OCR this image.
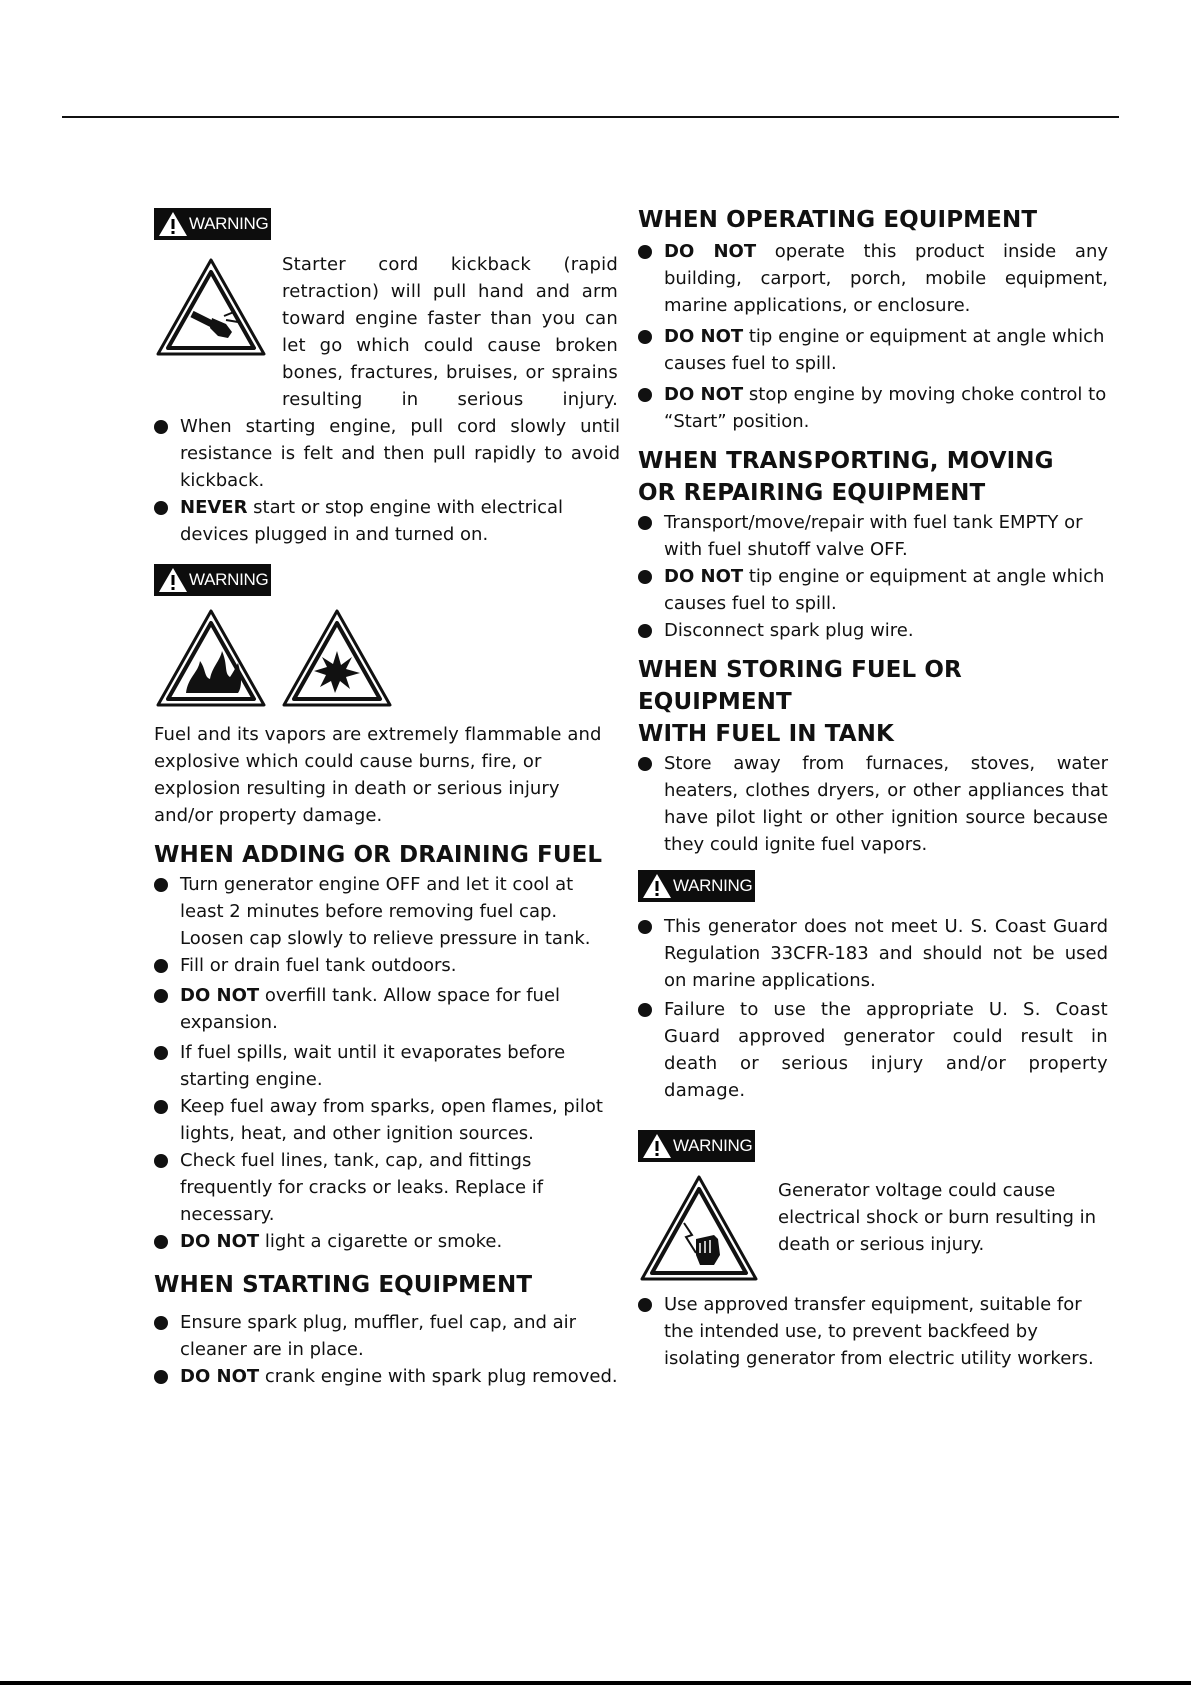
WARNING
Starter cord kickback (rapid retraction) will pull hand and arm toward engine faster than you can let go which could cause broken bones, fractures, bruises, or sprains resulting in serious injury.
When starting engine, pull cord slowly until resistance is felt and then pull rapidly to avoid kickback.
NEVER start or stop engine with electrical devices plugged in and turned on.
WARNING
Fuel and its vapors are extremely flammable and explosive which could cause burns, fire, or explosion resulting in death or serious injury and/or property damage.
WHEN ADDING OR DRAINING FUEL
Turn generator engine OFF and let it cool at least 2 minutes before removing fuel cap. Loosen cap slowly to relieve pressure in tank.
Fill or drain fuel tank outdoors.
DO NOT overfill tank. Allow space for fuel expansion.
If fuel spills, wait until it evaporates before starting engine.
Keep fuel away from sparks, open flames, pilot lights, heat, and other ignition sources.
Check fuel lines, tank, cap, and fittings frequently for cracks or leaks. Replace if necessary.
DO NOT light a cigarette or smoke.
WHEN STARTING EQUIPMENT
Ensure spark plug, muffler, fuel cap, and air cleaner are in place.
DO NOT crank engine with spark plug removed.
WHEN OPERATING EQUIPMENT
DO NOT operate this product inside any building, carport, porch, mobile equipment, marine applications, or enclosure.
DO NOT tip engine or equipment at angle which causes fuel to spill.
DO NOT stop engine by moving choke control to “Start” position.
WHEN TRANSPORTING, MOVING
OR REPAIRING EQUIPMENT
Transport/move/repair with fuel tank EMPTY or with fuel shutoff valve OFF.
DO NOT tip engine or equipment at angle which causes fuel to spill.
Disconnect spark plug wire.
WHEN STORING FUEL OR EQUIPMENT
WITH FUEL IN TANK
Store away from furnaces, stoves, water heaters, clothes dryers, or other appliances that have pilot light or other ignition source because they could ignite fuel vapors.
WARNING
This generator does not meet U. S. Coast Guard Regulation 33CFR-183 and should not be used on marine applications.
Failure to use the appropriate U. S. Coast Guard approved generator could result in death or serious injury and/or property damage.
WARNING
Generator voltage could cause electrical shock or burn resulting in death or serious injury.
Use approved transfer equipment, suitable for the intended use, to prevent backfeed by isolating generator from electric utility workers.
